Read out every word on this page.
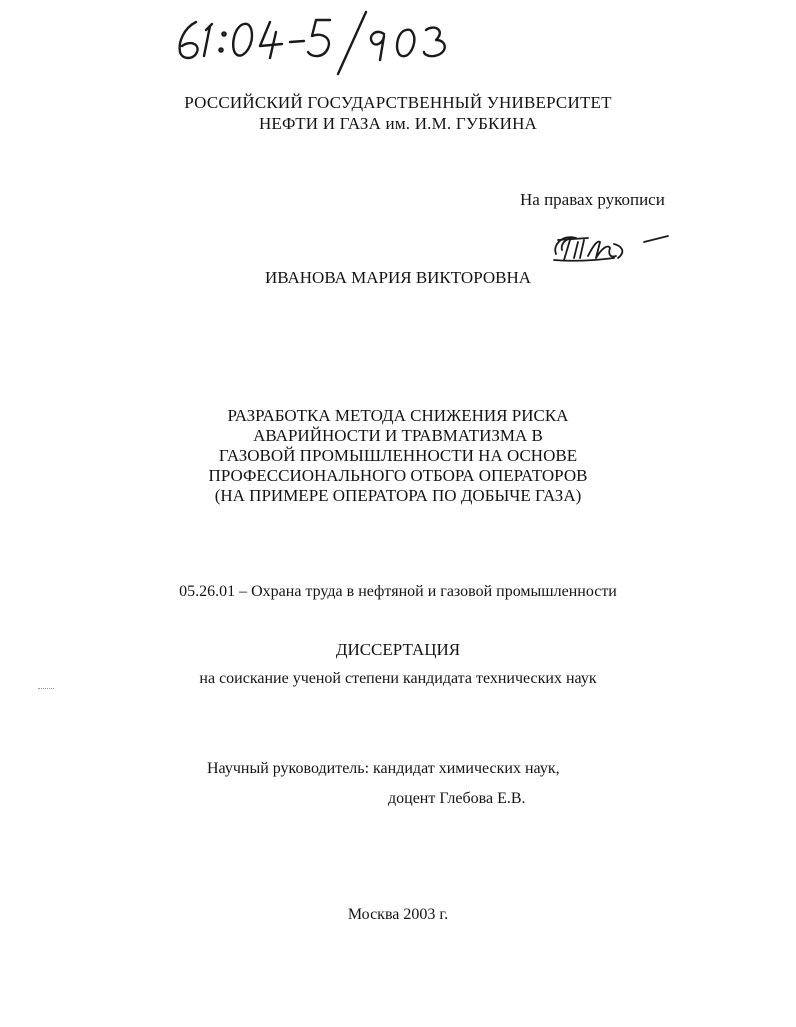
РОССИЙСКИЙ ГОСУДАРСТВЕННЫЙ УНИВЕРСИТЕТ
НЕФТИ И ГАЗА им. И.М. ГУБКИНА
На правах рукописи
ИВАНОВА МАРИЯ ВИКТОРОВНА
РАЗРАБОТКА МЕТОДА СНИЖЕНИЯ РИСКА
АВАРИЙНОСТИ И ТРАВМАТИЗМА В
ГАЗОВОЙ ПРОМЫШЛЕННОСТИ НА ОСНОВЕ
ПРОФЕССИОНАЛЬНОГО ОТБОРА ОПЕРАТОРОВ
(НА ПРИМЕРЕ ОПЕРАТОРА ПО ДОБЫЧЕ ГАЗА)
05.26.01 – Охрана труда в нефтяной и газовой промышленности
ДИССЕРТАЦИЯ
на соискание ученой степени кандидата технических наук
Научный руководитель: кандидат химических наук,
доцент Глебова Е.В.
Москва 2003 г.
